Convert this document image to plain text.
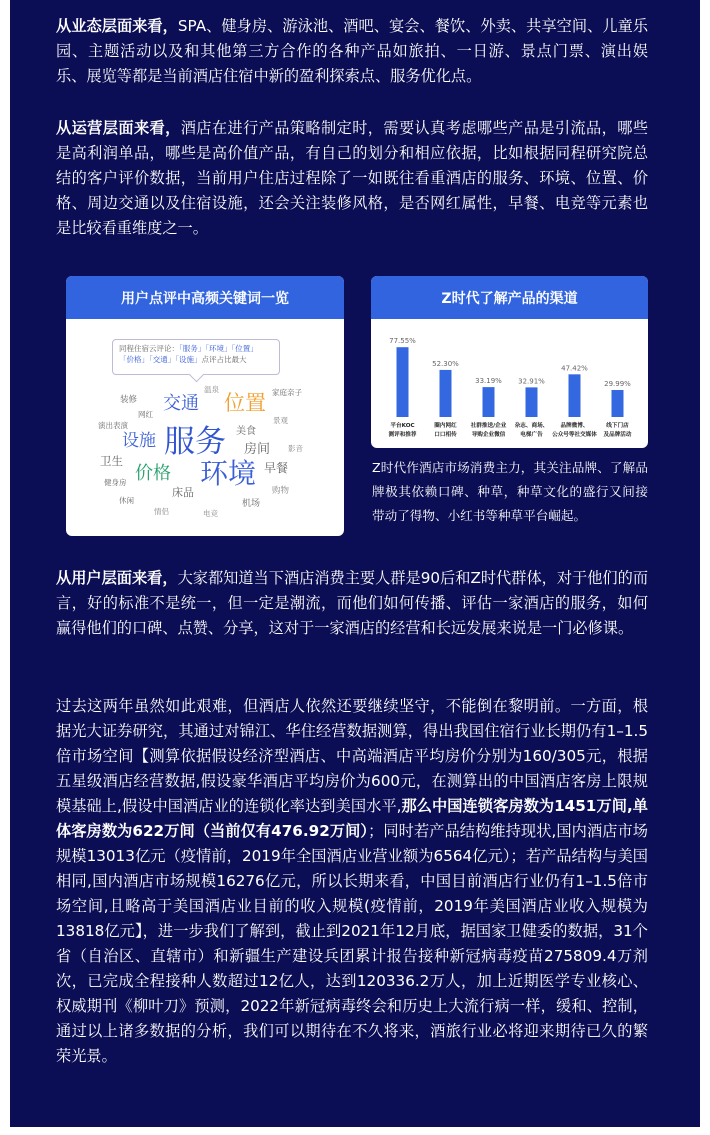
从业态层面来看，SPA、健身房、游泳池、酒吧、宴会、餐饮、外卖、共享空间、儿童乐园、主题活动以及和其他第三方合作的各种产品如旅拍、一日游、景点门票、演出娱乐、展览等都是当前酒店住宿中新的盈利探索点、服务优化点。

从运营层面来看，酒店在进行产品策略制定时，需要认真考虑哪些产品是引流品，哪些是高利润单品，哪些是高价值产品，有自己的划分和相应依据，比如根据同程研究院总结的客户评价数据，当前用户住店过程除了一如既往看重酒店的服务、环境、位置、价格、周边交通以及住宿设施，还会关注装修风格，是否网红属性，早餐、电竞等元素也是比较看重维度之一。

用户点评中高频关键词一览
同程住宿云评论：「服务」「环境」「位置」
「价格」「交通」「设施」点评占比最大
温泉
装修 交通 位置 家庭亲子
网红
演出表演
景观
美食
设施 服务 房间 影音
卫生
价格 环境 早餐
健身房
床品	购物
休闲	机场
情侣	电竞
Z时代了解产品的渠道
77.55%
平台KOC
测评和推荐
52.30%
圈内网红
口口相传
33.19%
社群推送/企业
导购企业微信
32.91%
杂志、商场、
电梯广告
47.42%
品牌微博、
公众号等社交媒体
29.99%
线下门店
及品牌活动
Z时代作酒店市场消费主力，其关注品牌、了解品牌极其依赖口碑、种草，种草文化的盛行又间接带动了得物、小红书等种草平台崛起。

从用户层面来看，大家都知道当下酒店消费主要人群是90后和Z时代群体，对于他们的而言，好的标准不是统一，但一定是潮流，而他们如何传播、评估一家酒店的服务，如何赢得他们的口碑、点赞、分享，这对于一家酒店的经营和长远发展来说是一门必修课。

过去这两年虽然如此艰难，但酒店人依然还要继续坚守，不能倒在黎明前。一方面，根据光大证券研究，其通过对锦江、华住经营数据测算，得出我国住宿行业长期仍有1–1.5倍市场空间【测算依据假设经济型酒店、中高端酒店平均房价分别为160/305元，根据五星级酒店经营数据,假设豪华酒店平均房价为600元，在测算出的中国酒店客房上限规模基础上,假设中国酒店业的连锁化率达到美国水平,那么中国连锁客房数为1451万间,单体客房数为622万间（当前仅有476.92万间）；同时若产品结构维持现状,国内酒店市场规模13013亿元（疫情前，2019年全国酒店业营业额为6564亿元）；若产品结构与美国相同,国内酒店市场规模16276亿元，所以长期来看，中国目前酒店行业仍有1–1.5倍市场空间,且略高于美国酒店业目前的收入规模(疫情前，2019年美国酒店业收入规模为13818亿元】，进一步我们了解到，截止到2021年12月底，据国家卫健委的数据，31个省（自治区、直辖市）和新疆生产建设兵团累计报告接种新冠病毒疫苗275809.4万剂次，已完成全程接种人数超过12亿人，达到120336.2万人，加上近期医学专业核心、权威期刊《柳叶刀》预测，2022年新冠病毒终会和历史上大流行病一样，缓和、控制，通过以上诸多数据的分析，我们可以期待在不久将来，酒旅行业必将迎来期待已久的繁荣光景。
